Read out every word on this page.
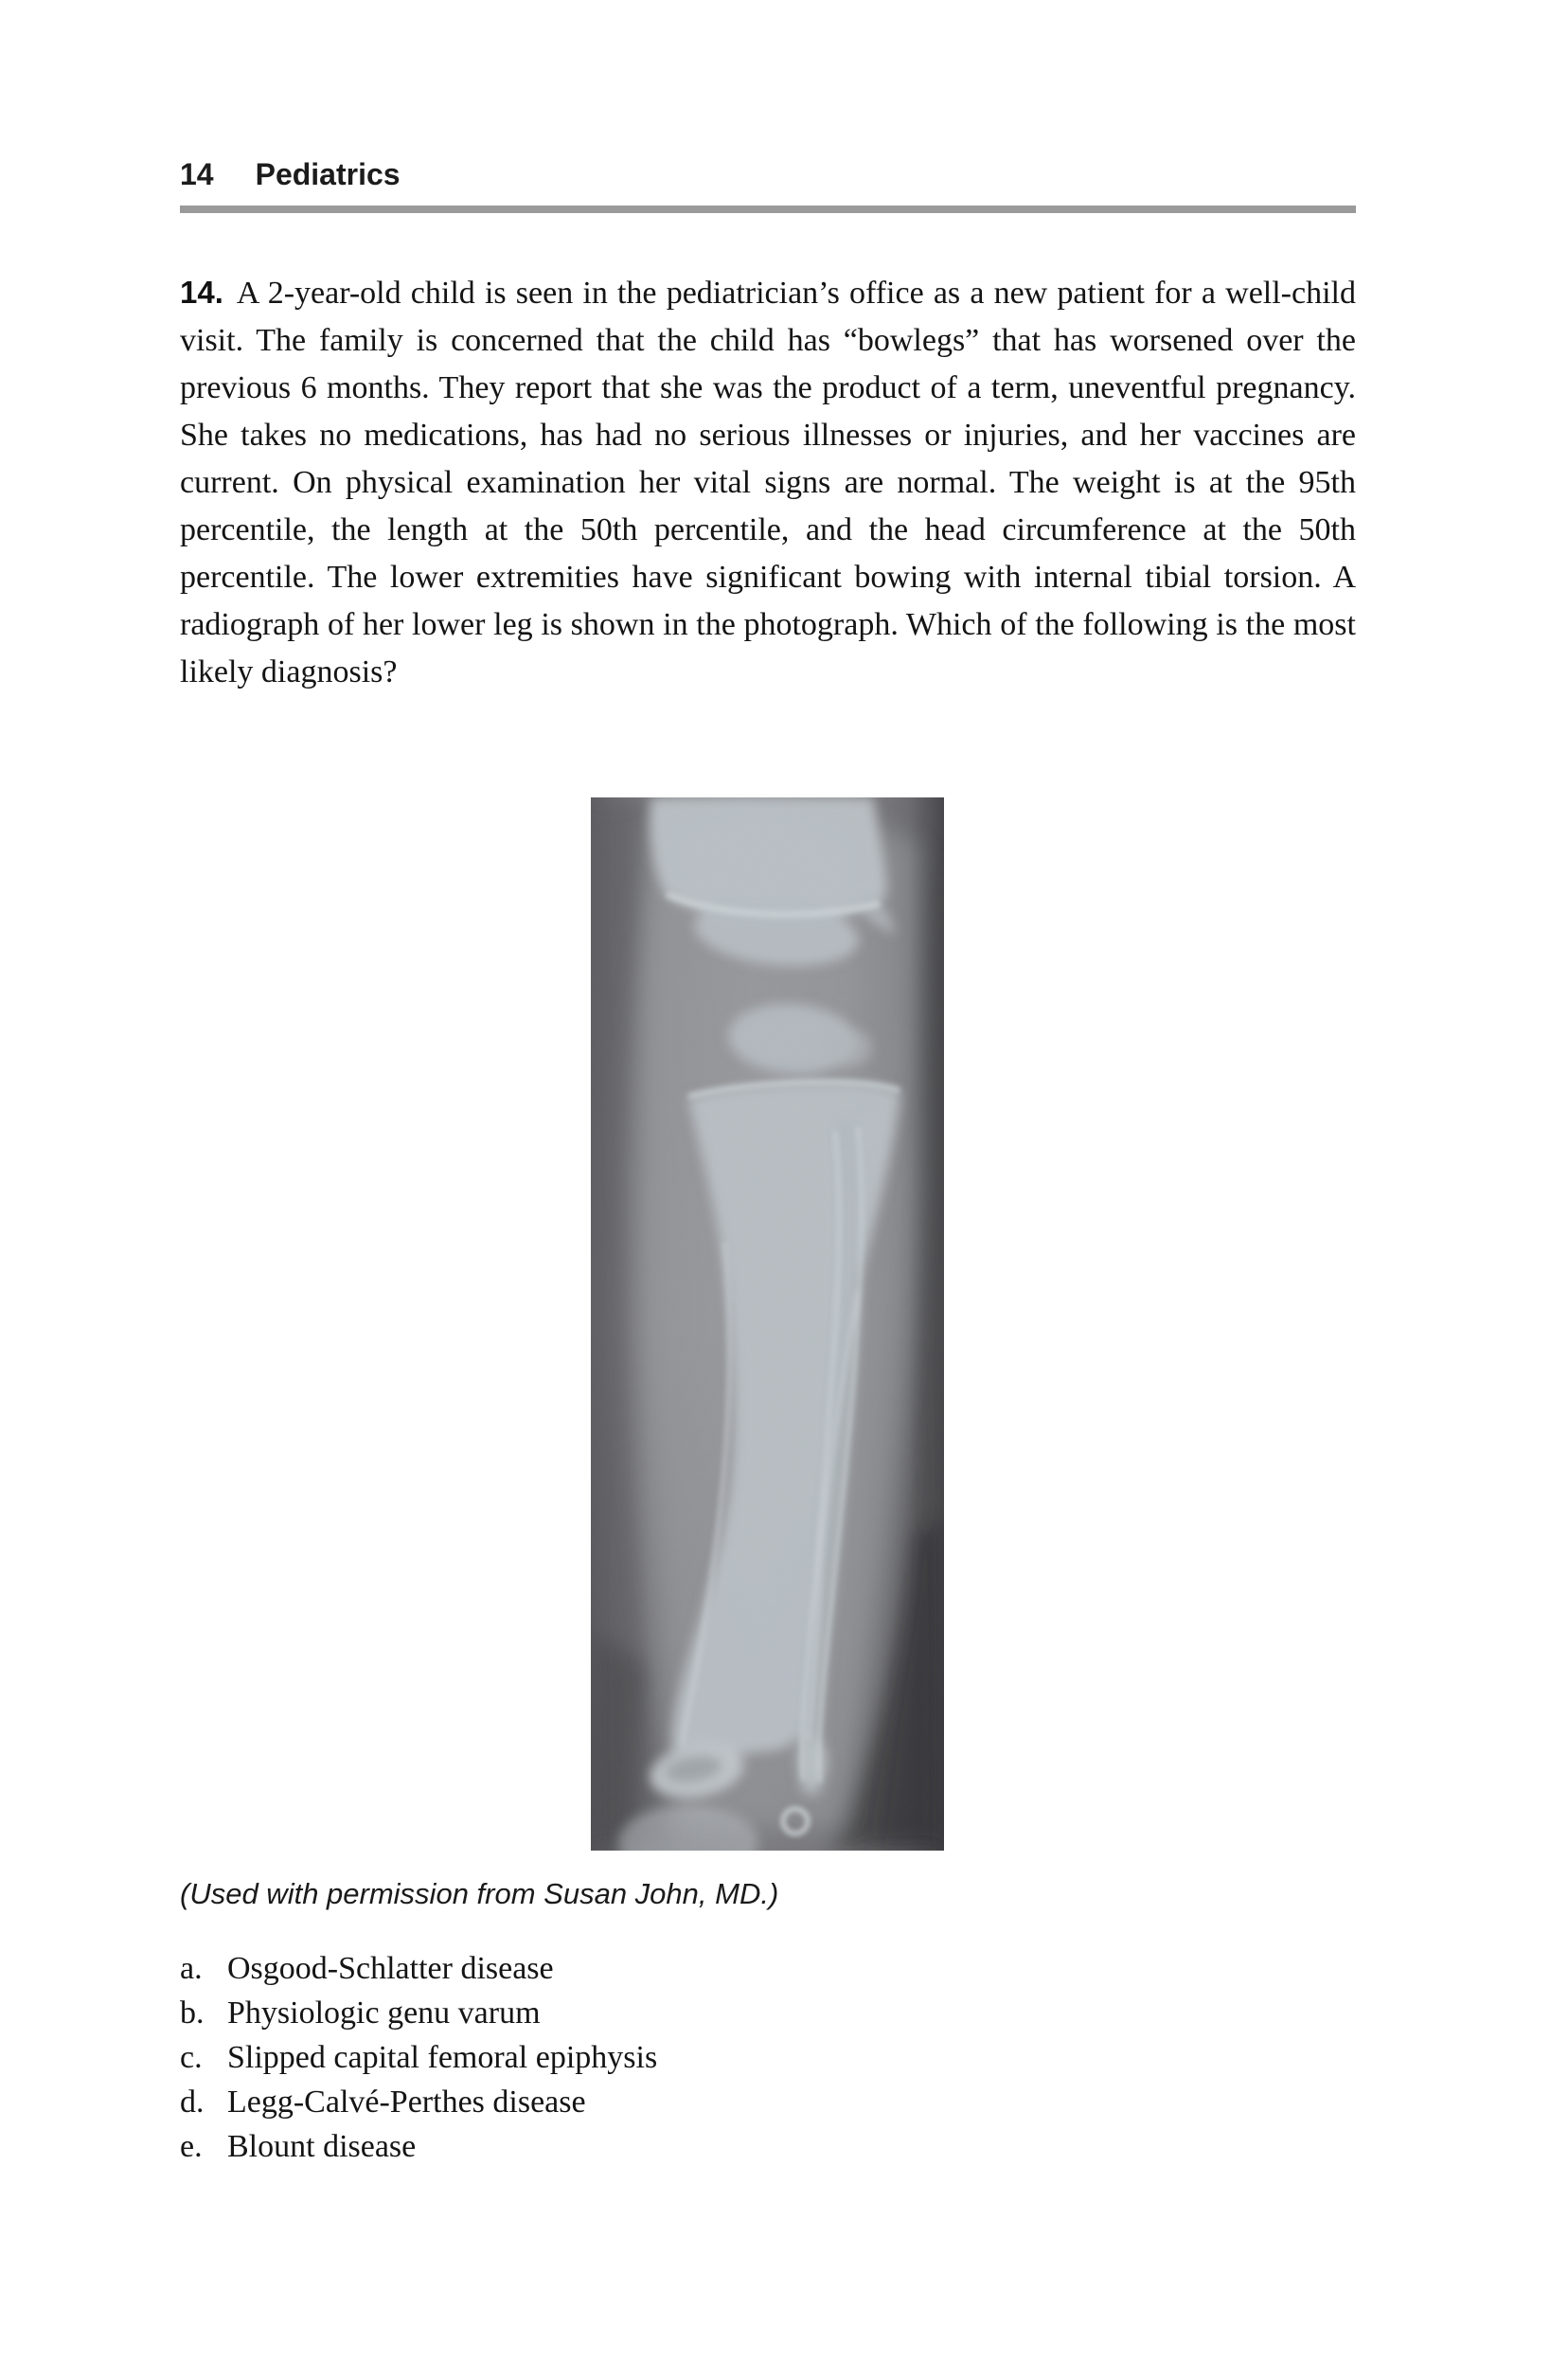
14 Pediatrics
14. A 2-year-old child is seen in the pediatrician’s office as a new patient for a well-child visit. The family is concerned that the child has “bowlegs” that has worsened over the previous 6 months. They report that she was the product of a term, uneventful pregnancy. She takes no medications, has had no serious illnesses or injuries, and her vaccines are current. On physical examination her vital signs are normal. The weight is at the 95th percentile, the length at the 50th percentile, and the head circumference at the 50th percentile. The lower extremities have significant bowing with internal tibial torsion. A radiograph of her lower leg is shown in the photograph. Which of the following is the most likely diagnosis?
(Used with permission from Susan John, MD.)
a. Osgood-Schlatter disease
b. Physiologic genu varum
c. Slipped capital femoral epiphysis
d. Legg-Calvé-Perthes disease
e. Blount disease
